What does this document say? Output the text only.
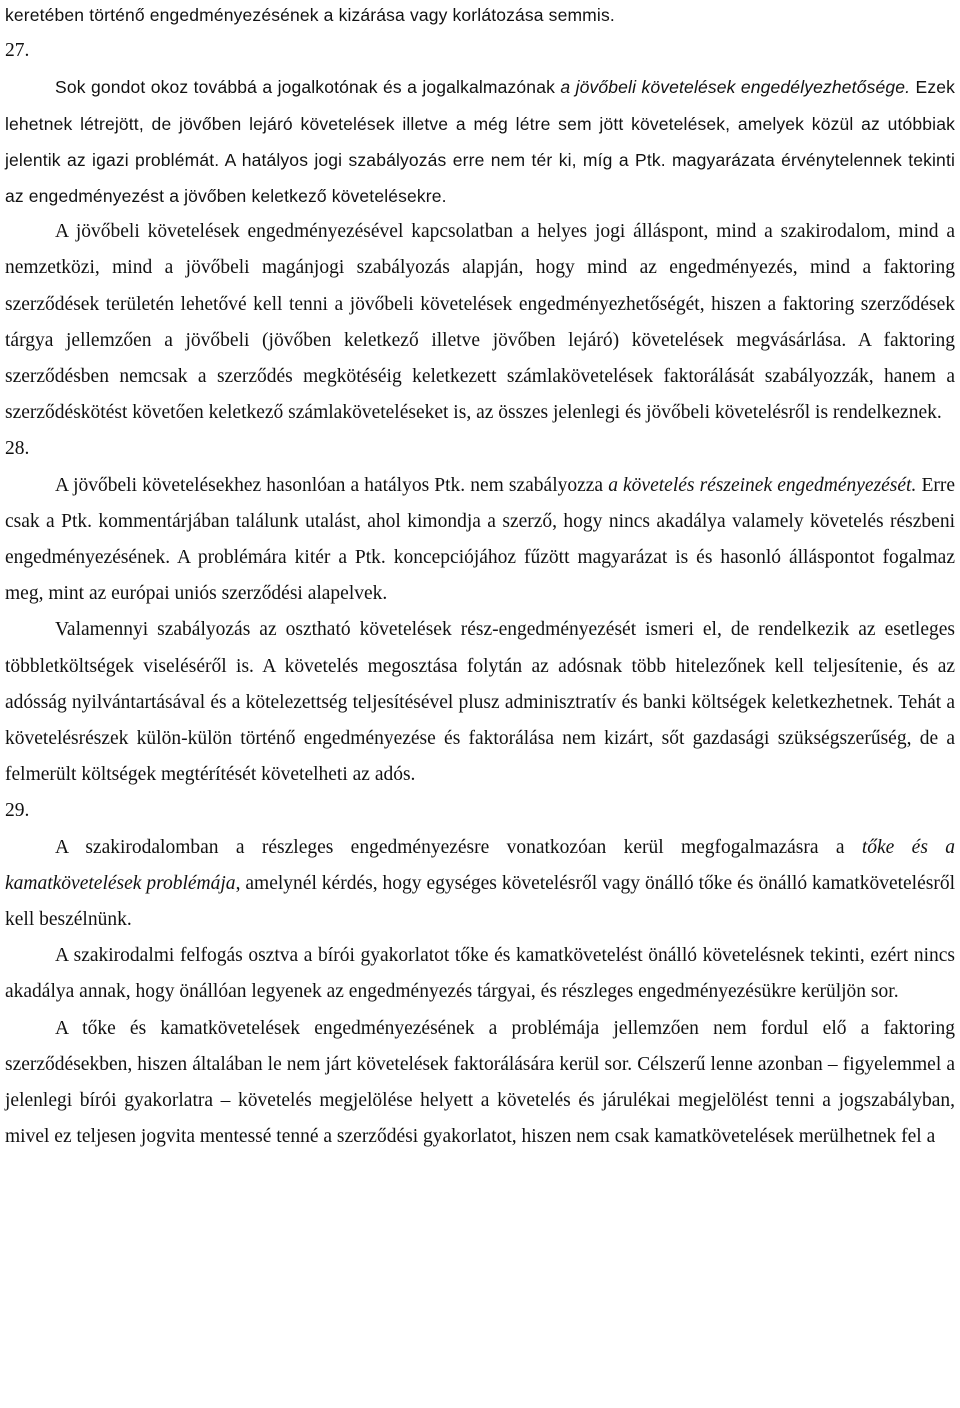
keretében történő engedményezésének a kizárása vagy korlátozása semmis.

27.

Sok gondot okoz továbbá a jogalkotónak és a jogalkalmazónak a jövőbeli követelések engedélyezhetősége. Ezek lehetnek létrejött, de jövőben lejáró követelések illetve a még létre sem jött követelések, amelyek közül az utóbbiak jelentik az igazi problémát. A hatályos jogi szabályozás erre nem tér ki, míg a Ptk. magyarázata érvénytelennek tekinti az engedményezést a jövőben keletkező követelésekre.

A jövőbeli követelések engedményezésével kapcsolatban a helyes jogi álláspont, mind a szakirodalom, mind a nemzetközi, mind a jövőbeli magánjogi szabályozás alapján, hogy mind az engedményezés, mind a faktoring szerződések területén lehetővé kell tenni a jövőbeli követelések engedményezhetőségét, hiszen a faktoring szerződések tárgya jellemzően a jövőbeli (jövőben keletkező illetve jövőben lejáró) követelések megvásárlása. A faktoring szerződésben nemcsak a szerződés megkötéséig keletkezett számlakövetelések faktorálását szabályozzák, hanem a szerződéskötést követően keletkező számlaköveteléseket is, az összes jelenlegi és jövőbeli követelésről is rendelkeznek.

28.

A jövőbeli követelésekhez hasonlóan a hatályos Ptk. nem szabályozza a követelés részeinek engedményezését. Erre csak a Ptk. kommentárjában találunk utalást, ahol kimondja a szerző, hogy nincs akadálya valamely követelés részbeni engedményezésének. A problémára kitér a Ptk. koncepciójához fűzött magyarázat is és hasonló álláspontot fogalmaz meg, mint az európai uniós szerződési alapelvek.

Valamennyi szabályozás az osztható követelések rész-engedményezését ismeri el, de rendelkezik az esetleges többletköltségek viseléséről is. A követelés megosztása folytán az adósnak több hitelezőnek kell teljesítenie, és az adósság nyilvántartásával és a kötelezettség teljesítésével plusz adminisztratív és banki költségek keletkezhetnek. Tehát a követelésrészek külön-külön történő engedményezése és faktorálása nem kizárt, sőt gazdasági szükségszerűség, de a felmerült költségek megtérítését követelheti az adós.

29.

A szakirodalomban a részleges engedményezésre vonatkozóan kerül megfogalmazásra a tőke és a kamatkövetelések problémája, amelynél kérdés, hogy egységes követelésről vagy önálló tőke és önálló kamatkövetelésről kell beszélnünk.

A szakirodalmi felfogás osztva a bírói gyakorlatot tőke és kamatkövetelést önálló követelésnek tekinti, ezért nincs akadálya annak, hogy önállóan legyenek az engedményezés tárgyai, és részleges engedményezésükre kerüljön sor.

A tőke és kamatkövetelések engedményezésének a problémája jellemzően nem fordul elő a faktoring szerződésekben, hiszen általában le nem járt követelések faktorálására kerül sor. Célszerű lenne azonban – figyelemmel a jelenlegi bírói gyakorlatra – követelés megjelölése helyett a követelés és járulékai megjelölést tenni a jogszabályban, mivel ez teljesen jogvita mentessé tenné a szerződési gyakorlatot, hiszen nem csak kamatkövetelések merülhetnek fel a
